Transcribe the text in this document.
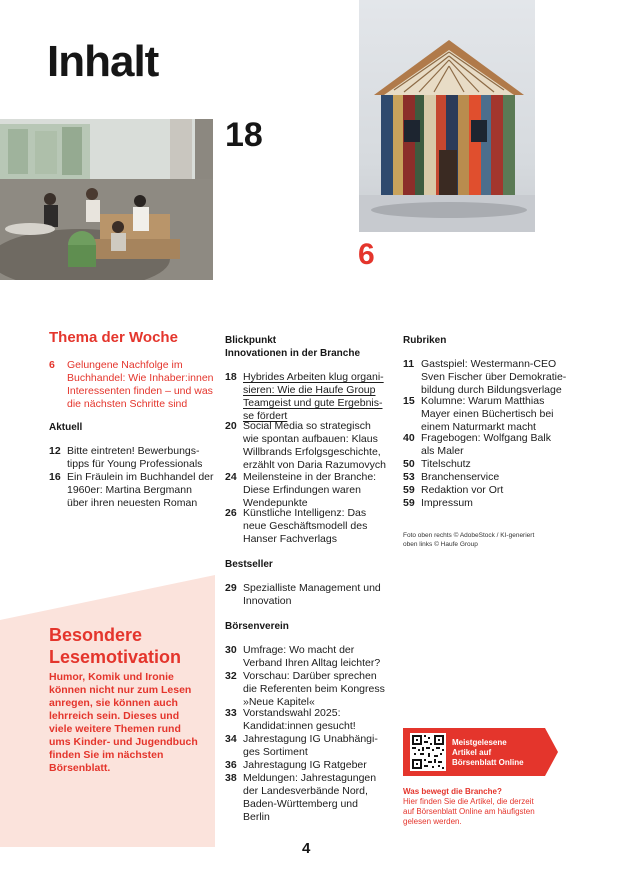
Inhalt
18
6
Thema der Woche
6 Gelungene Nachfolge im
Buchhandel: Wie Inhaber:innen
Interessenten finden – und was
die nächsten Schritte sind
Aktuell
12 Bitte eintreten! Bewerbungs-
tipps für Young Professionals
16 Ein Fräulein im Buchhandel der
1960er: Martina Bergmann
über ihren neuesten Roman
Besondere
Lesemotivation
Humor, Komik und Ironie
können nicht nur zum Lesen
anregen, sie können auch
lehrreich sein. Dieses und
viele weitere Themen rund
ums Kinder- und Jugendbuch
finden Sie im nächsten
Börsenblatt.
Blickpunkt
Innovationen in der Branche
18 Hybrides Arbeiten klug organi-
sieren: Wie die Haufe Group
Teamgeist und gute Ergebnis-
se fördert
20 Social Media so strategisch
wie spontan aufbauen: Klaus
Willbrands Erfolgsgeschichte,
erzählt von Daria Razumovych
24 Meilensteine in der Branche:
Diese Erfindungen waren
Wendepunkte
26 Künstliche Intelligenz: Das
neue Geschäftsmodell des
Hanser Fachverlags
Bestseller
29 Spezialliste Management und
Innovation
Börsenverein
30 Umfrage: Wo macht der
Verband Ihren Alltag leichter?
32 Vorschau: Darüber sprechen
die Referenten beim Kongress
»Neue Kapitel«
33 Vorstandswahl 2025:
Kandidat:innen gesucht!
34 Jahrestagung IG Unabhängi-
ges Sortiment
36 Jahrestagung IG Ratgeber
38 Meldungen: Jahrestagungen
der Landesverbände Nord,
Baden-Württemberg und
Berlin
Rubriken
11 Gastspiel: Westermann-CEO
Sven Fischer über Demokratie-
bildung durch Bildungsverlage
15 Kolumne: Warum Matthias
Mayer einen Büchertisch bei
einem Naturmarkt macht
40 Fragebogen: Wolfgang Balk
als Maler
50 Titelschutz
53 Branchenservice
59 Redaktion vor Ort
59 Impressum
Foto oben rechts © AdobeStock / KI-generiert
oben links © Haufe Group
Meistgelesene
Artikel auf
Börsenblatt Online
Was bewegt die Branche?
Hier finden Sie die Artikel, die derzeit
auf Börsenblatt Online am häufigsten
gelesen werden.
4
